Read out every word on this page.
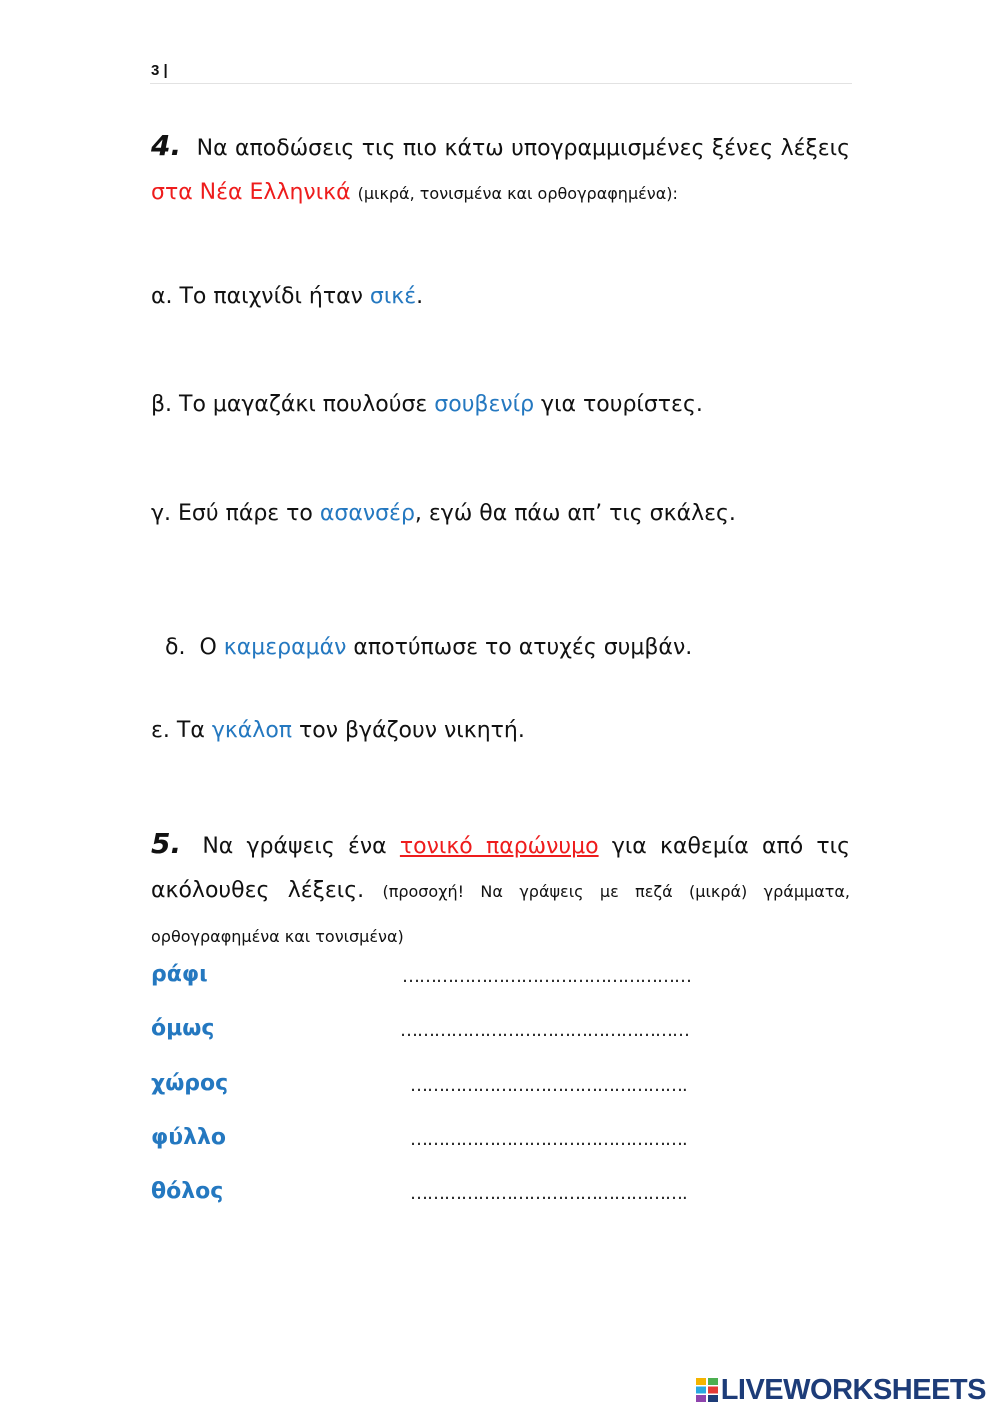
3 |
4. Να αποδώσεις τις πιο κάτω υπογραμμισμένες ξένες λέξεις στα Νέα Ελληνικά (μικρά, τονισμένα και ορθογραφημένα):
α. Το παιχνίδι ήταν σικέ.
β. Το μαγαζάκι πουλούσε σουβενίρ για τουρίστες.
γ. Εσύ πάρε το ασανσέρ, εγώ θα πάω απ’ τις σκάλες.

δ.  Ο καμεραμάν αποτύπωσε το ατυχές συμβάν.

ε. Τα γκάλοπ τον βγάζουν νικητή.
5. Να γράψεις ένα τονικό παρώνυμο για καθεμία από τις ακόλουθες λέξεις. (προσοχή! Να γράψεις με πεζά (μικρά) γράμματα, ορθογραφημένα και τονισμένα)
ράφι	……………………………………………
όμως	……………………………………………
χώρος	………………………………………….
φύλλο	………………………………………….
θόλος	………………………………………….
LIVEWORKSHEETS
